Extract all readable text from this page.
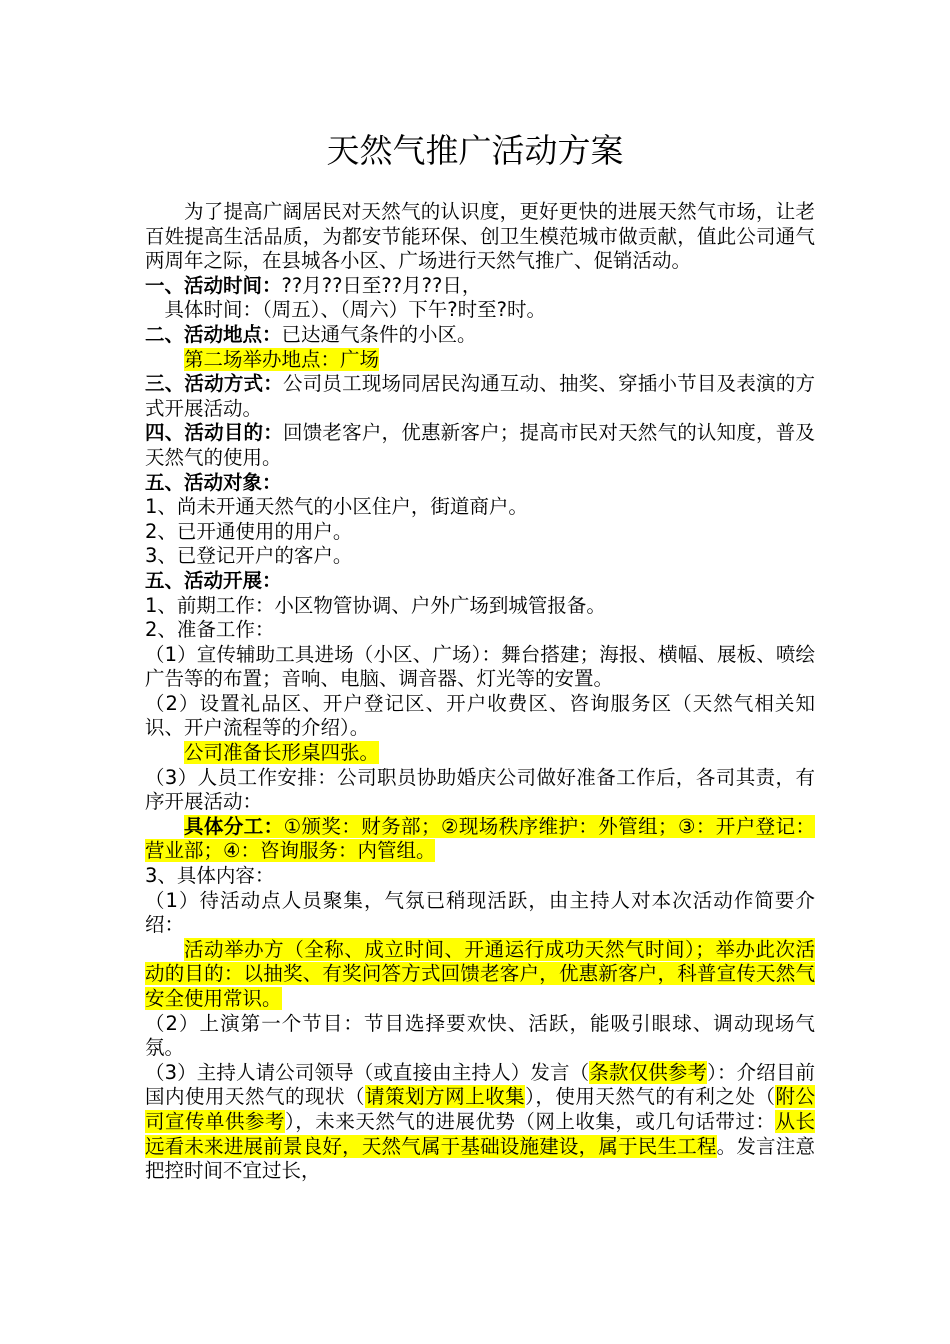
天然气推广活动方案

为了提高广阔居民对天然气的认识度，更好更快的进展天然气市场，让老百姓提高生活品质，为都安节能环保、创卫生模范城市做贡献，值此公司通气两周年之际，在县城各小区、广场进行天然气推广、促销活动。

一、活动时间：??月??日至??月??日，

具体时间：（周五）、（周六）下午?时至?时。

二、活动地点：已达通气条件的小区。

第二场举办地点：广场

三、活动方式：公司员工现场同居民沟通互动、抽奖、穿插小节目及表演的方式开展活动。

四、活动目的：回馈老客户，优惠新客户；提高市民对天然气的认知度，普及天然气的使用。

五、活动对象：

1、尚未开通天然气的小区住户，街道商户。

2、已开通使用的用户。

3、已登记开户的客户。

五、活动开展：

1、前期工作：小区物管协调、户外广场到城管报备。

2、准备工作：

（1）宣传辅助工具进场（小区、广场）：舞台搭建；海报、横幅、展板、喷绘广告等的布置；音响、电脑、调音器、灯光等的安置。

（2）设置礼品区、开户登记区、开户收费区、咨询服务区（天然气相关知识、开户流程等的介绍）。

公司准备长形桌四张。

（3）人员工作安排：公司职员协助婚庆公司做好准备工作后，各司其责，有序开展活动：

具体分工：①颁奖：财务部；②现场秩序维护：外管组；③：开户登记：营业部；④：咨询服务：内管组。

3、具体内容：

（1）待活动点人员聚集，气氛已稍现活跃，由主持人对本次活动作简要介绍：

活动举办方（全称、成立时间、开通运行成功天然气时间）；举办此次活动的目的：以抽奖、有奖问答方式回馈老客户，优惠新客户，科普宣传天然气安全使用常识。

（2）上演第一个节目：节目选择要欢快、活跃，能吸引眼球、调动现场气氛。

（3）主持人请公司领导（或直接由主持人）发言（条款仅供参考）：介绍目前国内使用天然气的现状（请策划方网上收集），使用天然气的有利之处（附公司宣传单供参考），未来天然气的进展优势（网上收集，或几句话带过：从长远看未来进展前景良好，天然气属于基础设施建设，属于民生工程。发言注意把控时间不宜过长，
